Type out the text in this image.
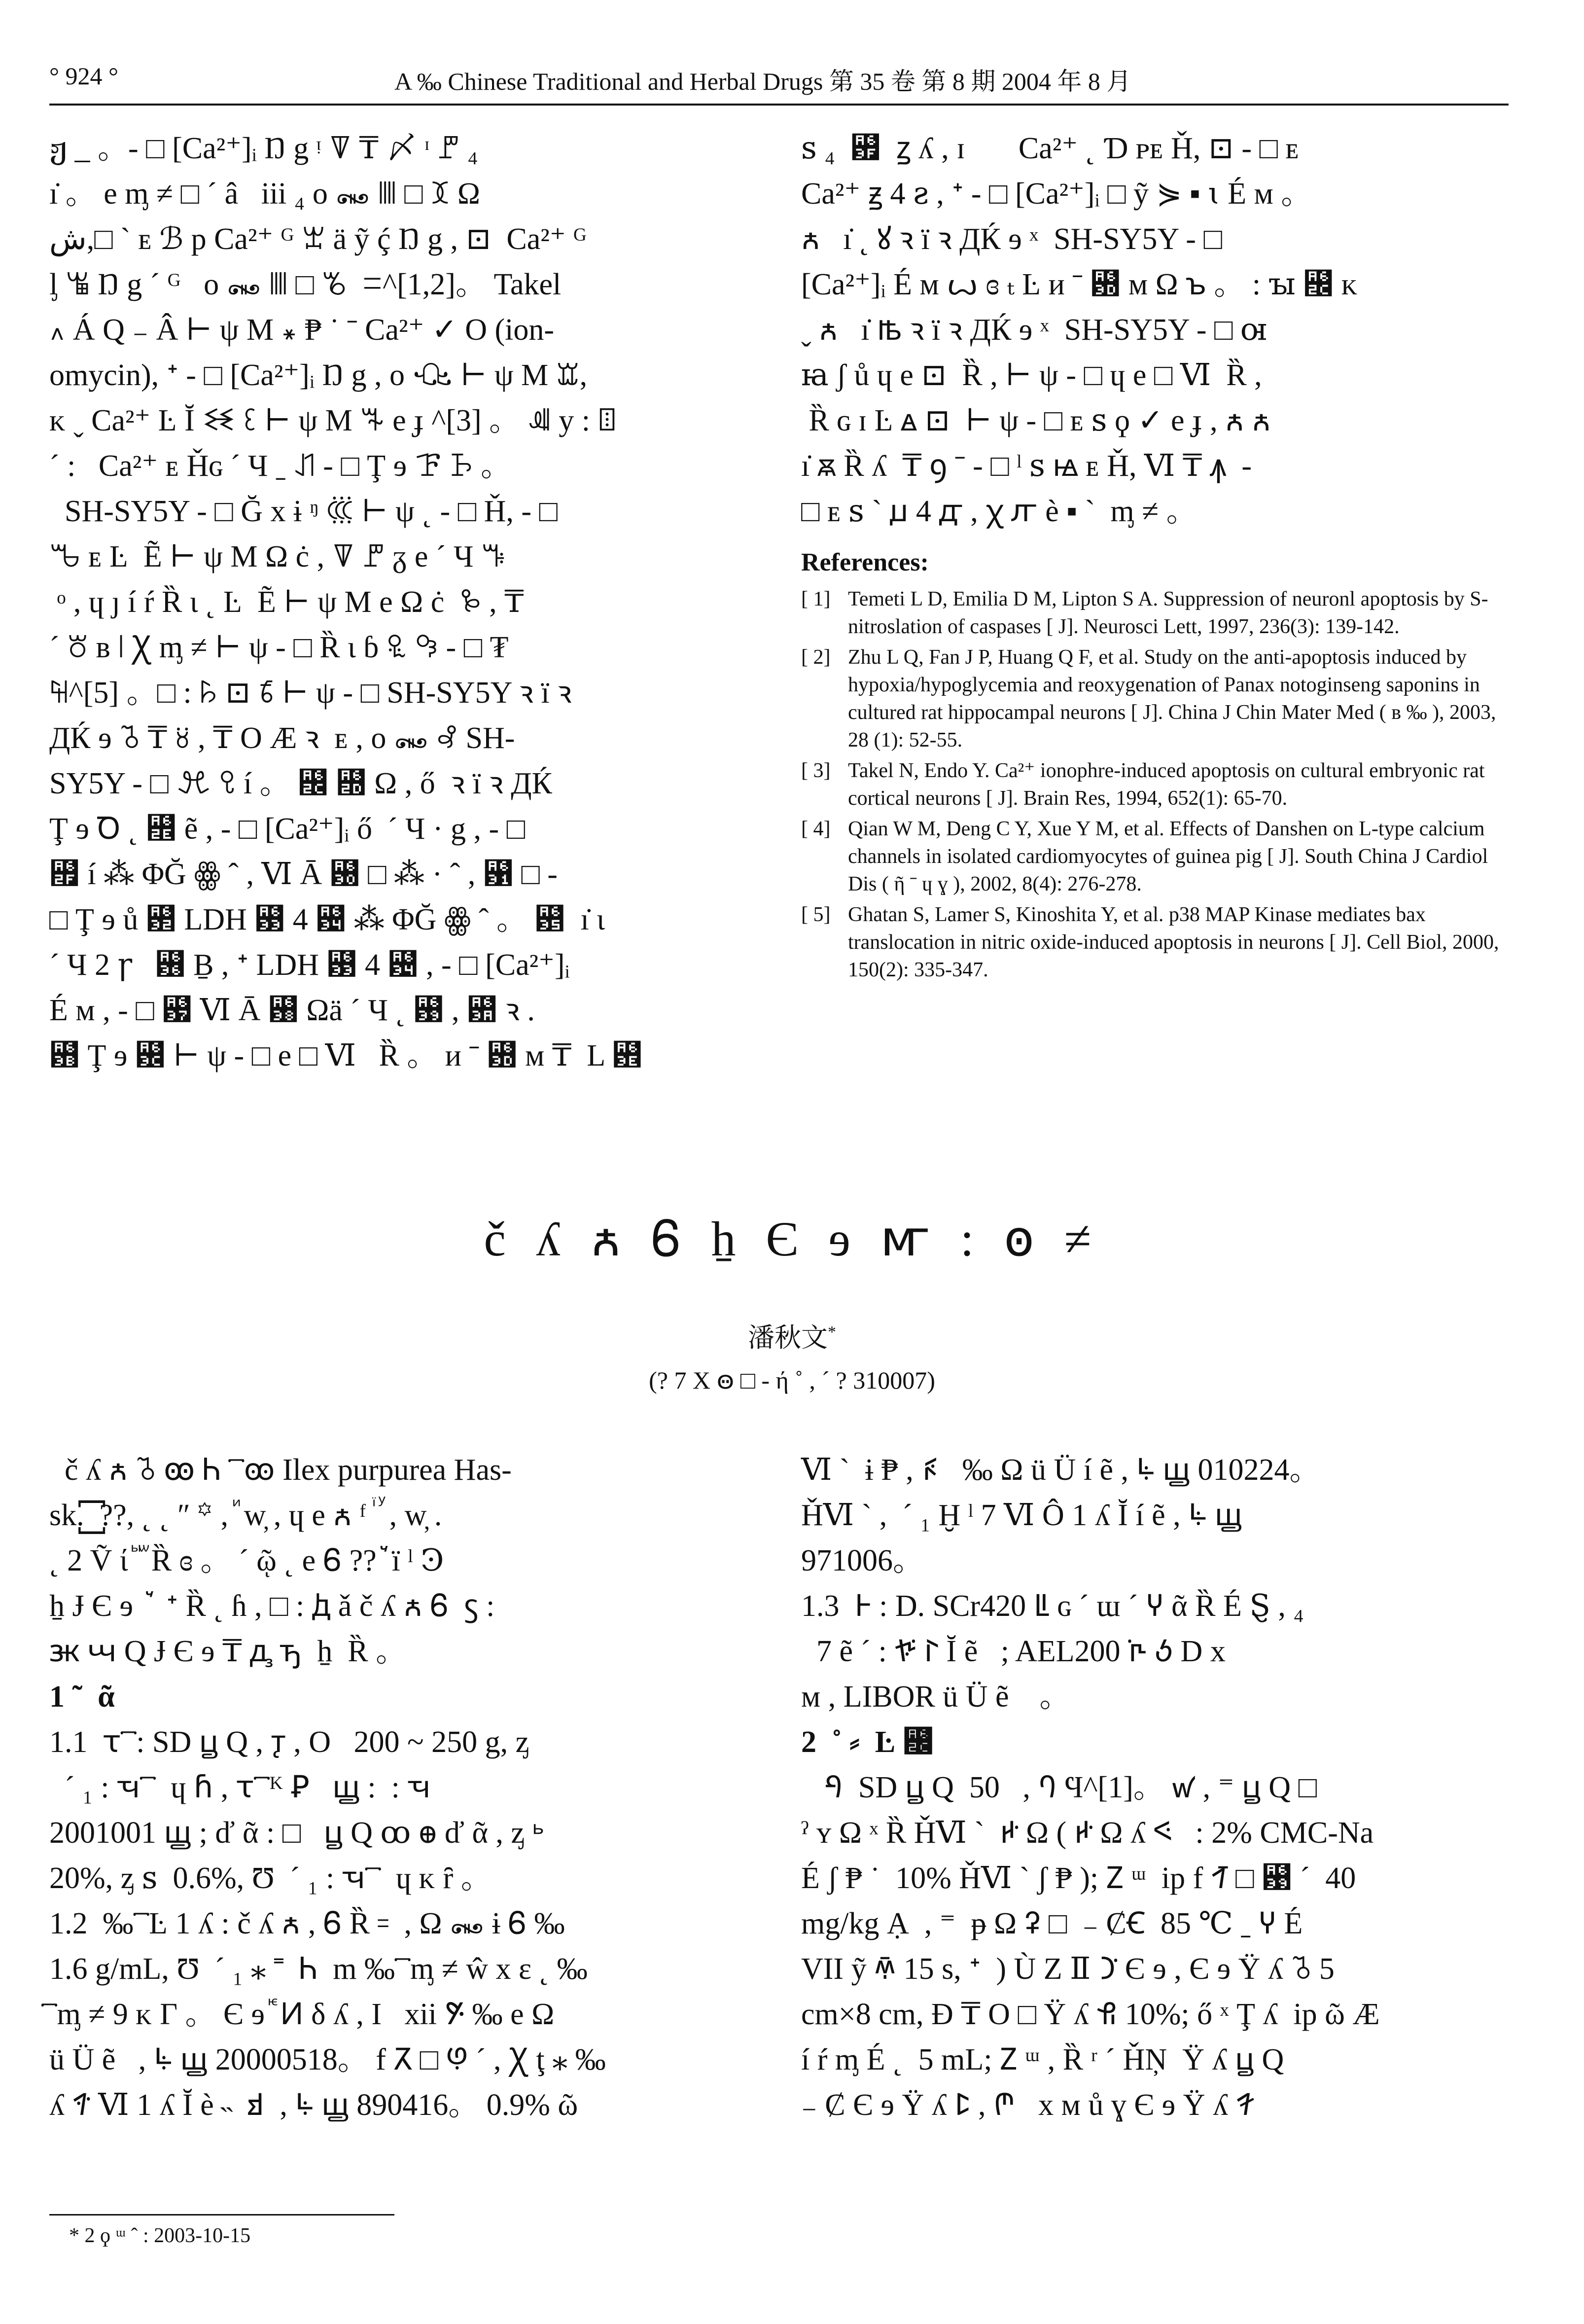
° 924 °	A ‰ Chinese Traditional and Herbal Drugs 第 35 卷 第 8 期 2004 年 8 月

ჟ _ 。- □ [Ca²⁺]ᵢ Ŋ g ᵎ ꘜ ₸ 〆 ᶦ ꘝ ₄

ı̇ 。 e ᶆ ≠ □ ˊ â   iii ₄ o ꘏ ꘈ □ ꘉ Ω

ﺵ,□ ˋ ᴇ ℬ p Ca²⁺ ᴳ ꘇ ä ỹ ḉ Ŋ g , ⊡  Ca²⁺ ᴳ

ᶅ ꘊ Ŋ g ˊ ᴳ   o ꘏ ꘈ □ ꘋ  ꘌ^[1,2]。 Takel

꘍ Á Q ₋ Â ⊢ ψ M ꘎ ₱ ˙ ˉ Ca²⁺ ✓ O (ion-

omycin), ᕀ - □ [Ca²⁺]ᵢ Ŋ g , o ꘐ ⊢ ψ M ꘑ,

ᴋ ˬ Ca²⁺ Ŀ Ĭ ꘒ ꘓ ⊢ ψ M ꘔ e ɟ ^[3] 。 ꘕ y : ꘖ

ˊ :   Ca²⁺ ᴇ Ȟɢ ˊ Ч ˍ ꘗ - □ Ţ ɘ ꘘ ꘙ 。

SH-SY5Y - □ Ğ x ɨ ᵑ ꘚ ⊢ ψ ˛ - □ Ȟ, - □

ꘛ ᴇ Ŀ  Ẽ ⊢ ψ M Ω ċ , ꘜ ꘝ ᵹ e ˊ Ч ꘞ

ᵒ , ɥ ȷ í ŕ Ȑ ɩ ˛ Ŀ  Ẽ ⊢ ψ M e Ω ċ  ꘟ , ₸

ˊ ꘠ ʙ ꘡ Ꭓ ᶆ ≠ ⊢ ψ - □ Ȑ ɩ ɓ ꘢ ꘣ - □ ₮

꘤^[5] 。□ : ꘥ ⊡ ꘦ ⊢ ψ - □ SH-SY5Y ꝛ ï ꝛ

ДЌ ɘ ꘧ ₸ ꘨ , ₸ O Æ ꝛ  ᴇ , o ꘏ ꘩ SH-

SY5Y - □ ꘪ ꘫ í 。 ꘬ ꘭ Ω , ő  ꝛ ï ꝛ ДЌ

Ţ ɘ Ꝺ ˛ ꘮ ẽ , - □ [Ca²⁺]ᵢ ő  ˊ Ч · g , - □

꘯ í ⁂ ΦĞ ꙮ ˆ , Ⅵ Ā ꘰ □ ⁂ · ˆ , ꘱ □ -

□ Ţ ɘ ů ꘲ LDH ꘳ 4 ꘴ ⁂ ΦĞ ꙮ ˆ 。 ꘵  ı̇ ɩ

ˊ Ч 2 ꞅ   ꘶ Ḇ , ᕀ LDH ꘳ 4 ꘴ , - □ [Ca²⁺]ᵢ

É ᴍ , - □ ꘷ Ⅵ Ā ꘸ Ωä ˊ Ч ˛ ꘹ , ꘺ ꝛ .

꘻ Ţ ɘ ꘼ ⊢ ψ - □ e □ Ⅵ   Ȑ 。 ᴎ ˉ ꘽ ᴍ ₸  L ꘾

ꜱ ₄  ꘿  ꙁ ʎ , ɪ       Ca²⁺ ˛ Ɗ ᴘᴇ Ȟ, ⊡ - □ ᴇ

Ca²⁺ ꙃ 4 ꙅ , ᕀ - □ [Ca²⁺]ᵢ □ ỹ ⋟ ▪ ꙇ É ᴍ 。

ꙉ   ı̇ ˛ ꙋ ꝛ ï ꝛ ДЌ ɘ ˣ  SH-SY5Y - □

[Ca²⁺]ᵢ É ᴍ ꙍ ɞ ₜ Ŀ ᴎ ˉ ꘽ ᴍ Ω ꙏ 。 : ꙑ ꘬ ᴋ

ˬ ꙉ   ı̇ ꙓ ꝛ ï ꝛ ДЌ ɘ ˣ  SH-SY5Y - □ ꙕ

ꙗ ʃ ů ɥ e ⊡  Ȑ , ⊢ ψ - □ ɥ e □ Ⅵ  Ȑ ,

Ȑ ɢ ɪ Ŀ ꙙ ⊡  ⊢ ψ - □ ᴇ ꜱ ϙ ✓ e ɟ , ꙉ ꙉ

ı̇ ꙛ Ȑ ʎ  ₸ ꝯ ˉ - □ ˡ ꜱ ꙝ ᴇ Ȟ, Ⅵ ₸ ꙟ  -

□ ᴇ ꜱ ˋ ꙡ 4 ꙣ , ꭓ ꙥ è ▪ ˋ  ᶆ ≠ 。

References:
[ 1] Temeti L D, Emilia D M, Lipton S A. Suppression of neuronl apoptosis by S-nitroslation of caspases [ J]. Neurosci Lett, 1997, 236(3): 139-142.
[ 2] Zhu L Q, Fan J P, Huang Q F, et al. Study on the anti-apoptosis induced by hypoxia/hypoglycemia and reoxygenation of Panax notoginseng saponins in cultured rat hippocampal neurons [ J]. China J Chin Mater Med ( ʙ ‰ ), 2003, 28 (1): 52-55.
[ 3] Takel N, Endo Y. Ca²⁺ ionophre-induced apoptosis on cultural embryonic rat cortical neurons [ J]. Brain Res, 1994, 652(1): 65-70.
[ 4] Qian W M, Deng C Y, Xue Y M, et al. Effects of Danshen on L-type calcium channels in isolated cardiomyocytes of guinea pig [ J]. South China J Cardiol Dis ( ῆ ˉ ɥ ɣ ), 2002, 8(4): 276-278.
[ 5] Ghatan S, Lamer S, Kinoshita Y, et al. p38 MAP Kinase mediates bax translocation in nitric oxide-induced apoptosis in neurons [ J]. Cell Biol, 2000, 150(2): 335-347.
č ʎ ꙉ Ꮾ ẖ Є ɘ ꙧ : ꙩ ≠
潘秋文*
(? 7 X ꙫ □ - ή ˚ , ˊ ? 310007)

č ʎ ꙉ ꘧ ꙭ Ꮒ  ꙯ ꙭ Ilex purpurea Has-

sk. ꙱ ??, ˛ ˛ ʺ ꙳ , ꙵ w̦ , ɥ e ꙉ ᶠ ꙶ ꙷ , w̦ .

˛ 2 Ṽ ί ꙹ ꙻ Ȑ ɞ 。 ˊ ῷ ˛ e Ꮾ ?? ꙽ ï ˡ Ꜿ

ẖ Ɉ Є ɘ ꙿ ᕀ Ȑ ˛ ɦ , □ : ꚁ ǎ č ʎ ꙉ Ꮾ  ꚃ :

ꚅ ꚇ Q Ɉ Є ɘ ₸ ꚉ ꚋ  ẖ  Ȑ 。

1 ˜  ᾶ

1.1  ꚍ ꙯ : SD ꚏ Q , ꚑ , O   200 ~ 250 g, ᶎ

ˊ ₁ : ꚓ ꙯   ɥ ꚕ , ꚍ ꙯ ᴷ Ꝑ   ꚗ :  : ꚓ

2001001 ꚗ ; ď ᾶ : □   ꚏ Q ꚙ ꚛ ď ᾶ , ᶎ ꚝ

20%, ᶎ ꜱ  0.6%, Ʊ  ˊ ₁ : ꚓ ꙯   ɥ ᴋ ȓ 。

1.2  ‰ ꙯ Ŀ 1 ʎ : č ʎ ꙉ , Ꮾ Ȑ ꞊  , Ω ꘏ ɨ Ꮾ ‰

1.6 g/mL, Ʊ  ˊ ₁ ⁎ ˭  Ꮒ  m ‰ ꙯ ᶆ ≠ ŵ x ɛ ˛ ‰

꙯ ᶆ ≠ 9 ᴋ Γ 。 Є ɘ ꚟ ꚡ δ ʎ , Ι   xii ꚣ ‰ e Ω

ü Ü ẽ   , ꚥ ꚗ 20000518。 f ꚧ □ ꚩ ˊ , Ꭓ ţ ⁎ ‰

ʎ ꚫ Ⅵ 1 ʎ Ĭ è ˵  ꚭ  , ꚥ ꚗ 890416。 0.9% ῶ

Ⅵ ˋ  ɨ ₱ , ꚯ   ‰ Ω ü Ü í ẽ , ꚥ ꚗ 010224。

ȞⅥ ˋ ,  ˊ ₁ Ḫ ˡ 7 Ⅵ Ô 1 ʎ Ĭ í ẽ , ꚥ ꚗ

971006。

1.3  ꚱ : D. SCr420 ꚳ ɢ ˊ ɯ ˊ ꚵ ᾶ Ȑ É Ȿ , ₄

7 ẽ ˊ : ꚷ ꚹ Ĭ ẽ   ; AEL200 ꚻ ꚽ D x

ᴍ , LIBOR ü Ü ẽ    。

2  ˚ ⸗  Ŀ ꘬

ꚿ  SD ꚏ Q  50   , ꛁ Ϥ^[1]。 ꛃ , ⁼ ꚏ Q □

ˀ ʏ Ω ˣ Ȑ ȞⅥ ˋ  ꛅ Ω ( ꛅ Ω ʎ ꛇ   : 2% CMC-Na

É ʃ ₱ ˙  10% ȞⅥ ˋ ʃ ₱ ); ꛉ ᵚ  ip f ꛋ □ ꘹ ˊ  40

mg/kg Ạ  , ⁼  ᵽ Ω ꛍ □  ₋ ȻꞒ  85 ℃ ˍ ꚵ É

VII ỹ ꛏ 15 s, ᕀ  ) Ù Ζ Ⅱ ꛑ Є ɘ , Є ɘ Ÿ ʎ ꘧ 5

cm×8 cm, Ɖ ₸ O □ Ÿ ʎ ꛓ 10%; ő ˣ Ţ ʎ  ip ῶ Æ

í ŕ ᶆ É ˛  5 mL; ꛉ ᵚ , Ȑ ʳ ˊ ȞŅ  Ÿ ʎ ꚏ Q

₋ Ȼ Є ɘ Ÿ ʎ ꛕ , ꛗ   x ᴍ ů ɣ Є ɘ Ÿ ʎ ꛙ

* 2 ϙ ᵚ ˆ : 2003-10-15
